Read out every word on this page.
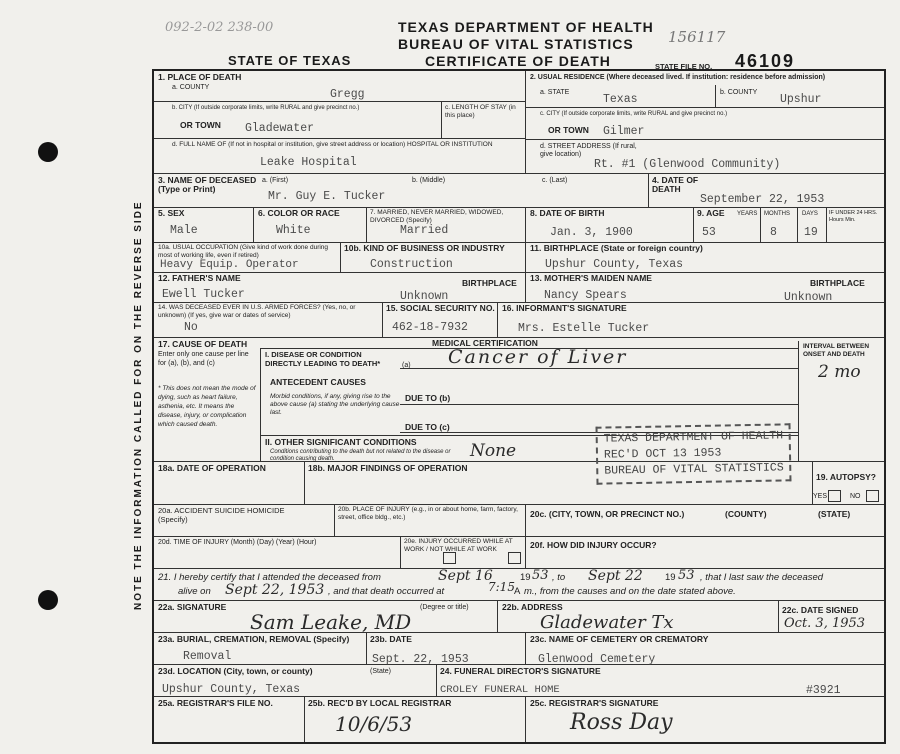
NOTE THE INFORMATION CALLED FOR ON THE REVERSE SIDE
092-2-02 238-00	TEXAS DEPARTMENT OF HEALTH
BUREAU OF VITAL STATISTICS 156117
STATE OF TEXAS	CERTIFICATE OF DEATH	STATE FILE NO. 46109
1. PLACE OF DEATH
a. COUNTY
Gregg
b. CITY (If outside corporate limits, write RURAL and give precinct no.)
OR TOWN Gladewater
c. LENGTH OF STAY (in this place)
d. FULL NAME OF (If not in hospital or institution, give street address or location) HOSPITAL OR INSTITUTION
Leake Hospital
2. USUAL RESIDENCE (Where deceased lived. If institution: residence before admission)
a. STATE
Texas
b. COUNTY
Upshur
c. CITY (If outside corporate limits, write RURAL and give precinct no.)
OR TOWN Gilmer
d. STREET ADDRESS (If rural, give location)
Rt. #1 (Glenwood Community)
3. NAME OF DECEASED (Type or Print)
a. (First)	b. (Middle)	c. (Last)
Mr. Guy E. Tucker
4. DATE OF DEATH
September 22, 1953
5. SEX
Male
6. COLOR OR RACE
White
7. MARRIED, NEVER MARRIED, WIDOWED, DIVORCED (Specify)
Married
8. DATE OF BIRTH
Jan. 3, 1900
9. AGE YEARS MONTHS DAYS IF UNDER 24 HRS. Hours Min.
53	8 19
10a. USUAL OCCUPATION (Give kind of work done during most of working life, even if retired)
Heavy Equip. Operator
10b. KIND OF BUSINESS OR INDUSTRY
Construction
11. BIRTHPLACE (State or foreign country)
Upshur County, Texas
12. FATHER'S NAME	BIRTHPLACE
Ewell Tucker	Unknown
13. MOTHER'S MAIDEN NAME	BIRTHPLACE
Nancy Spears	Unknown
14. WAS DECEASED EVER IN U.S. ARMED FORCES? (Yes, no, or unknown) (If yes, give war or dates of service)
No
15. SOCIAL SECURITY NO.
462-18-7932
16. INFORMANT'S SIGNATURE
Mrs. Estelle Tucker
17. CAUSE OF DEATH
Enter only one cause per line for (a), (b), and (c)
* This does not mean the mode of dying, such as heart failure, asthenia, etc. It means the disease, injury, or complication which caused death.
MEDICAL CERTIFICATION	INTERVAL BETWEEN ONSET AND DEATH
2 mo
I. DISEASE OR CONDITION DIRECTLY LEADING TO DEATH*	(a) Cancer of Liver
ANTECEDENT CAUSES
Morbid conditions, if any, giving rise to the above cause (a) stating the underlying cause last.
DUE TO (b)
DUE TO (c)
II. OTHER SIGNIFICANT CONDITIONS
Conditions contributing to the death but not related to the disease or condition causing death.	None
TEXAS DEPARTMENT OF HEALTH
REC'D OCT 13 1953
BUREAU OF VITAL STATISTICS
18a. DATE OF OPERATION	18b. MAJOR FINDINGS OF OPERATION
19. AUTOPSY?
YES	NO
20a. ACCIDENT SUICIDE HOMICIDE (Specify)
20b. PLACE OF INJURY (e.g., in or about home, farm, factory, street, office bldg., etc.)	20c. (CITY, TOWN, OR PRECINCT NO.)	(COUNTY)	(STATE)
20d. TIME OF INJURY (Month) (Day) (Year) (Hour)	20e. INJURY OCCURRED WHILE AT WORK / NOT WHILE AT WORK	20f. HOW DID INJURY OCCUR?
21. I hereby certify that I attended the deceased from	Sept 16	19 53 , to Sept 22 19 53 , that I last saw the deceased
alive on Sept 22, 1953 , and that death occurred at	7:15 A m., from the causes and on the date stated above.
22a. SIGNATURE	(Degree or title)
Sam Leake, MD
22b. ADDRESS
Gladewater Tx
22c. DATE SIGNED
Oct. 3, 1953
23a. BURIAL, CREMATION, REMOVAL (Specify)
Removal
23b. DATE
Sept. 22, 1953
23c. NAME OF CEMETERY OR CREMATORY
Glenwood Cemetery
23d. LOCATION (City, town, or county)	(State)
Upshur County, Texas
24. FUNERAL DIRECTOR'S SIGNATURE
CROLEY FUNERAL HOME	#3921
25a. REGISTRAR'S FILE NO.	25b. REC'D BY LOCAL REGISTRAR
10/6/53
25c. REGISTRAR'S SIGNATURE
Ross Day
